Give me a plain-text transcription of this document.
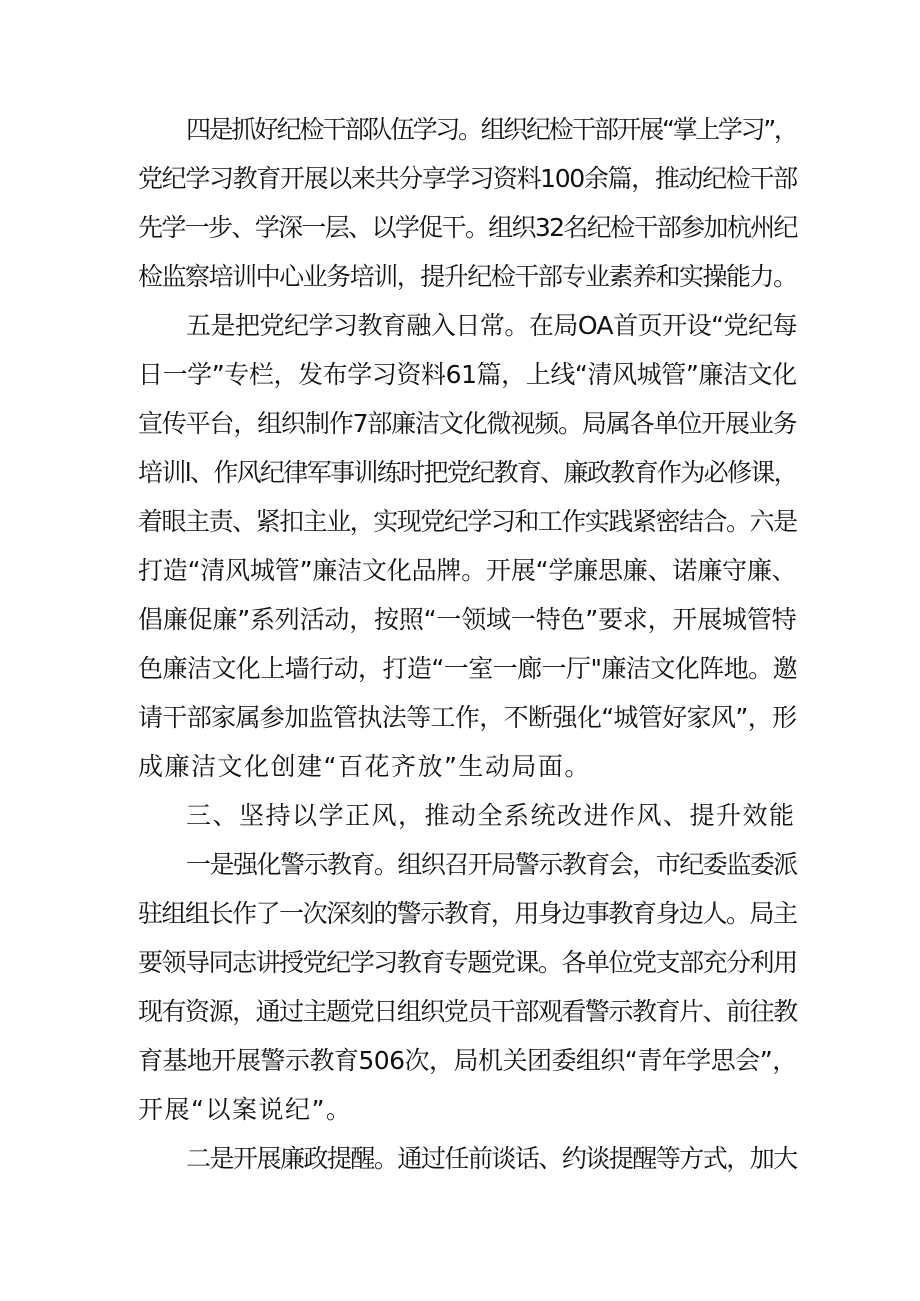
四是抓好纪检干部队伍学习。组织纪检干部开展“掌上学习”，
党纪学习教育开展以来共分享学习资料100余篇，推动纪检干部
先学一步、学深一层、以学促干。组织32名纪检干部参加杭州纪
检监察培训中心业务培训，提升纪检干部专业素养和实操能力。
五是把党纪学习教育融入日常。在局OA首页开设“党纪每
日一学”专栏，发布学习资料61篇，上线“清风城管”廉洁文化
宣传平台，组织制作7部廉洁文化微视频。局属各单位开展业务
培训l、作风纪律军事训练时把党纪教育、廉政教育作为必修课，
着眼主责、紧扣主业，实现党纪学习和工作实践紧密结合。六是
打造“清风城管”廉洁文化品牌。开展“学廉思廉、诺廉守廉、
倡廉促廉”系列活动，按照“一领域一特色”要求，开展城管特
色廉洁文化上墙行动，打造“一室一廊一厅"廉洁文化阵地。邀
请干部家属参加监管执法等工作，不断强化“城管好家风”，形
成廉洁文化创建“百花齐放”生动局面。
三、坚持以学正风，推动全系统改进作风、提升效能
一是强化警示教育。组织召开局警示教育会，市纪委监委派
驻组组长作了一次深刻的警示教育，用身边事教育身边人。局主
要领导同志讲授党纪学习教育专题党课。各单位党支部充分利用
现有资源，通过主题党日组织党员干部观看警示教育片、前往教
育基地开展警示教育506次，局机关团委组织“青年学思会”，
开展“以案说纪”。
二是开展廉政提醒。通过任前谈话、约谈提醒等方式，加大
